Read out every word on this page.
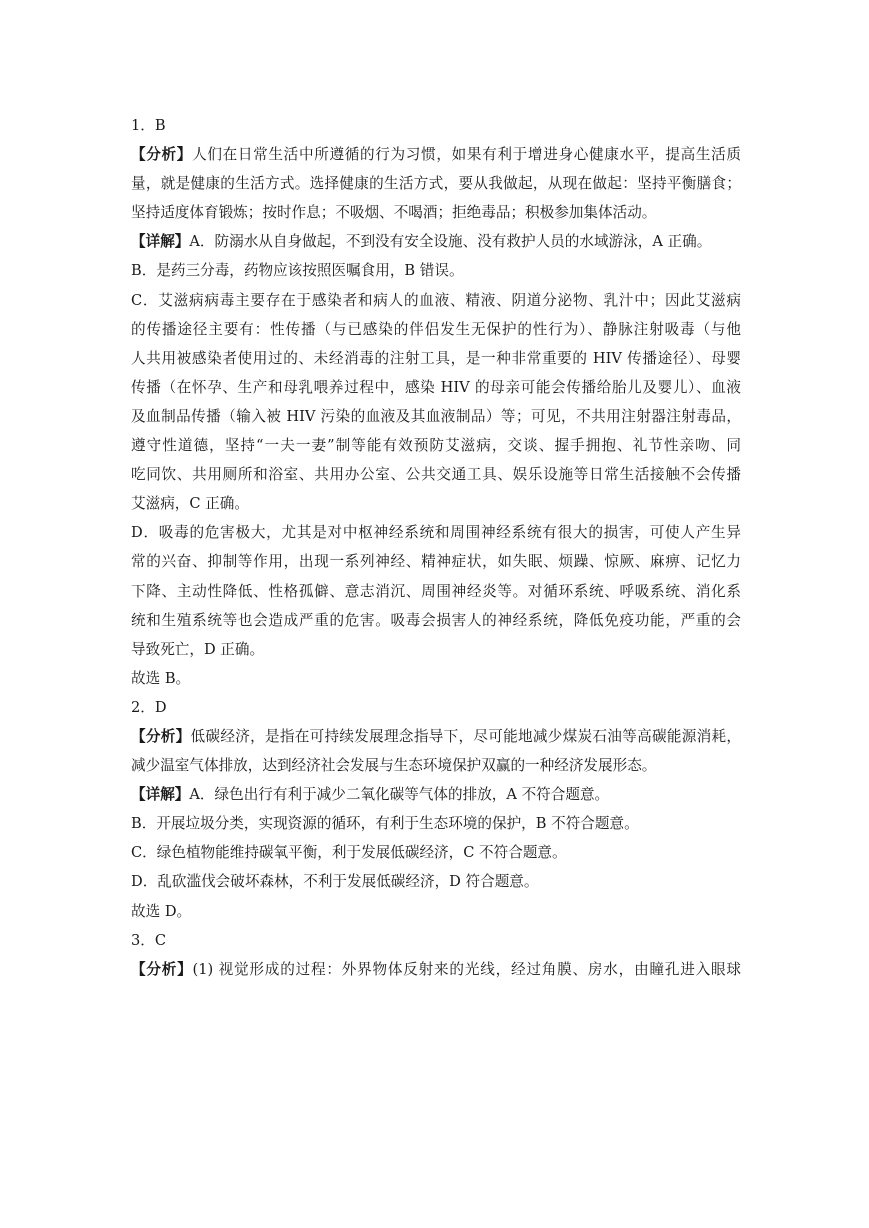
1．B
【分析】人们在日常生活中所遵循的行为习惯，如果有利于增进身心健康水平，提高生活质
量，就是健康的生活方式。选择健康的生活方式，要从我做起，从现在做起：坚持平衡膳食；
坚持适度体育锻炼；按时作息；不吸烟、不喝酒；拒绝毒品；积极参加集体活动。
【详解】A．防溺水从自身做起，不到没有安全设施、没有救护人员的水域游泳，A 正确。
B．是药三分毒，药物应该按照医嘱食用，B 错误。
C．艾滋病病毒主要存在于感染者和病人的血液、精液、阴道分泌物、乳汁中；因此艾滋病
的传播途径主要有：性传播（与已感染的伴侣发生无保护的性行为）、静脉注射吸毒（与他
人共用被感染者使用过的、未经消毒的注射工具，是一种非常重要的 HIV 传播途径）、母婴
传播（在怀孕、生产和母乳喂养过程中，感染 HIV 的母亲可能会传播给胎儿及婴儿）、血液
及血制品传播（输入被 HIV 污染的血液及其血液制品）等；可见，不共用注射器注射毒品，
遵守性道德，坚持“一夫一妻”制等能有效预防艾滋病，交谈、握手拥抱、礼节性亲吻、同
吃同饮、共用厕所和浴室、共用办公室、公共交通工具、娱乐设施等日常生活接触不会传播
艾滋病，C 正确。
D．吸毒的危害极大，尤其是对中枢神经系统和周围神经系统有很大的损害，可使人产生异
常的兴奋、抑制等作用，出现一系列神经、精神症状，如失眠、烦躁、惊厥、麻痹、记忆力
下降、主动性降低、性格孤僻、意志消沉、周围神经炎等。对循环系统、呼吸系统、消化系
统和生殖系统等也会造成严重的危害。吸毒会损害人的神经系统，降低免疫功能，严重的会
导致死亡，D 正确。
故选 B。
2．D
【分析】低碳经济，是指在可持续发展理念指导下，尽可能地减少煤炭石油等高碳能源消耗，
减少温室气体排放，达到经济社会发展与生态环境保护双赢的一种经济发展形态。
【详解】A．绿色出行有利于减少二氧化碳等气体的排放，A 不符合题意。
B．开展垃圾分类，实现资源的循环，有利于生态环境的保护，B 不符合题意。
C．绿色植物能维持碳氧平衡，利于发展低碳经济，C 不符合题意。
D．乱砍滥伐会破坏森林，不利于发展低碳经济，D 符合题意。
故选 D。
3．C
【分析】(1) 视觉形成的过程：外界物体反射来的光线，经过角膜、房水，由瞳孔进入眼球
